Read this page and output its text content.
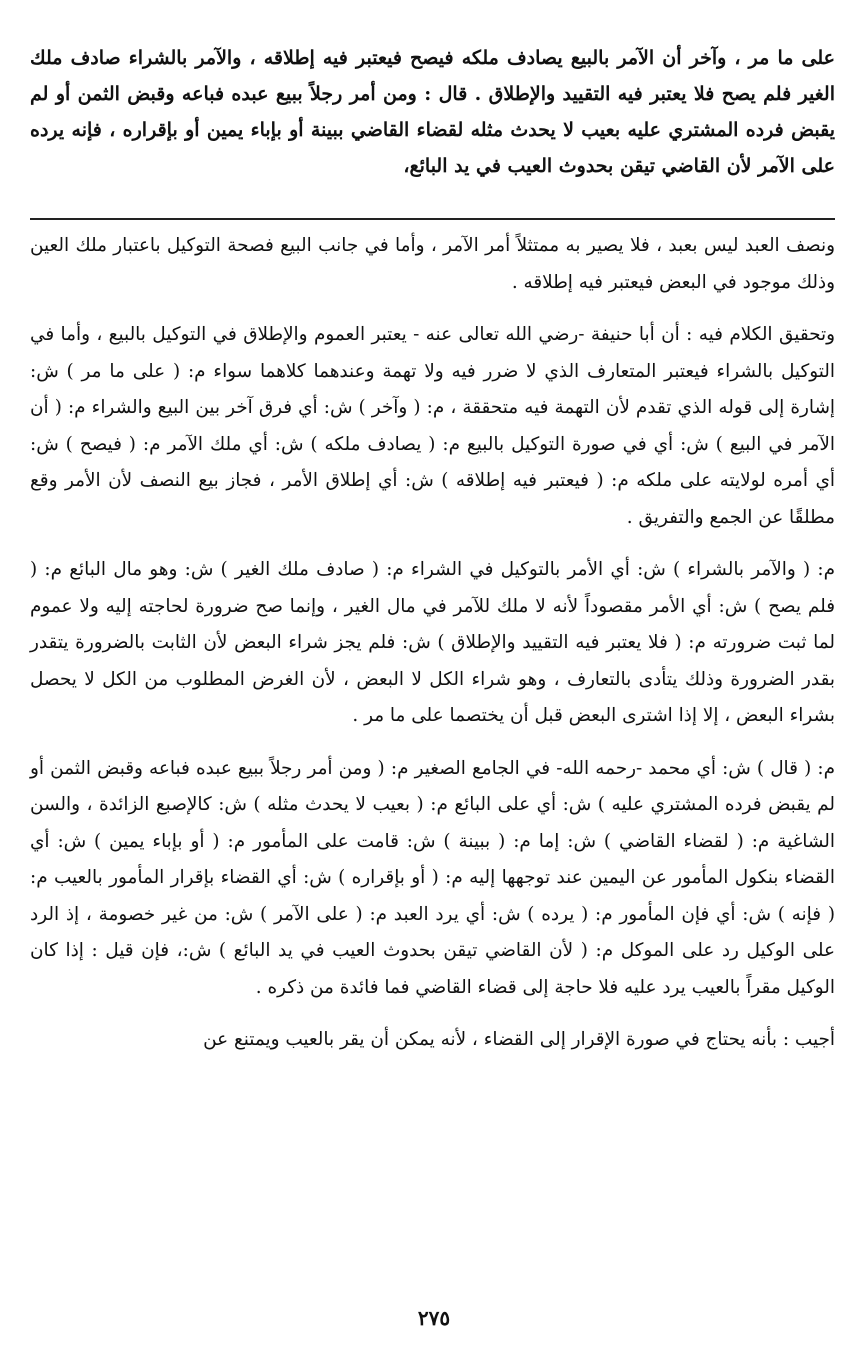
على ما مر ، وآخر أن الآمر بالبيع يصادف ملكه فيصح فيعتبر فيه إطلاقه ، والآمر بالشراء صادف ملك الغير فلم يصح فلا يعتبر فيه التقييد والإطلاق . قال : ومن أمر رجلاً ببيع عبده فباعه وقبض الثمن أو لم يقبض فرده المشتري عليه بعيب لا يحدث مثله لقضاء القاضي ببينة أو بإباء يمين أو بإقراره ، فإنه يرده على الآمر لأن القاضي تيقن بحدوث العيب في يد البائع،

ونصف العبد ليس بعبد ، فلا يصير به ممتثلاً أمر الآمر ، وأما في جانب البيع فصحة التوكيل باعتبار ملك العين وذلك موجود في البعض فيعتبر فيه إطلاقه .

وتحقيق الكلام فيه : أن أبا حنيفة -رضي الله تعالى عنه - يعتبر العموم والإطلاق في التوكيل بالبيع ، وأما في التوكيل بالشراء فيعتبر المتعارف الذي لا ضرر فيه ولا تهمة وعندهما كلاهما سواء م: ( على ما مر ) ش: إشارة إلى قوله الذي تقدم لأن التهمة فيه متحققة ، م: ( وآخر ) ش: أي فرق آخر بين البيع والشراء م: ( أن الآمر في البيع ) ش: أي في صورة التوكيل بالبيع م: ( يصادف ملكه ) ش: أي ملك الآمر م: ( فيصح ) ش: أي أمره لولايته على ملكه م: ( فيعتبر فيه إطلاقه ) ش: أي إطلاق الأمر ، فجاز بيع النصف لأن الأمر وقع مطلقًا عن الجمع والتفريق .

م: ( والآمر بالشراء ) ش: أي الأمر بالتوكيل في الشراء م: ( صادف ملك الغير ) ش: وهو مال البائع م: ( فلم يصح ) ش: أي الأمر مقصوداً لأنه لا ملك للآمر في مال الغير ، وإنما صح ضرورة لحاجته إليه ولا عموم لما ثبت ضرورته م: ( فلا يعتبر فيه التقييد والإطلاق ) ش: فلم يجز شراء البعض لأن الثابت بالضرورة يتقدر بقدر الضرورة وذلك يتأدى بالتعارف ، وهو شراء الكل لا البعض ، لأن الغرض المطلوب من الكل لا يحصل بشراء البعض ، إلا إذا اشترى البعض قبل أن يختصما على ما مر .

م: ( قال ) ش: أي محمد -رحمه الله- في الجامع الصغير م: ( ومن أمر رجلاً ببيع عبده فباعه وقبض الثمن أو لم يقبض فرده المشتري عليه ) ش: أي على البائع م: ( بعيب لا يحدث مثله ) ش: كالإصبع الزائدة ، والسن الشاغية م: ( لقضاء القاضي ) ش: إما م: ( ببينة ) ش: قامت على المأمور م: ( أو بإباء يمين ) ش: أي القضاء بنكول المأمور عن اليمين عند توجهها إليه م: ( أو بإقراره ) ش: أي القضاء بإقرار المأمور بالعيب م: ( فإنه ) ش: أي فإن المأمور م: ( يرده ) ش: أي يرد العبد م: ( على الآمر ) ش: من غير خصومة ، إذ الرد على الوكيل رد على الموكل م: ( لأن القاضي تيقن بحدوث العيب في يد البائع ) ش:، فإن قيل : إذا كان الوكيل مقراً بالعيب يرد عليه فلا حاجة إلى قضاء القاضي فما فائدة من ذكره .

أجيب : بأنه يحتاج في صورة الإقرار إلى القضاء ، لأنه يمكن أن يقر بالعيب ويمتنع عن

٢٧٥
